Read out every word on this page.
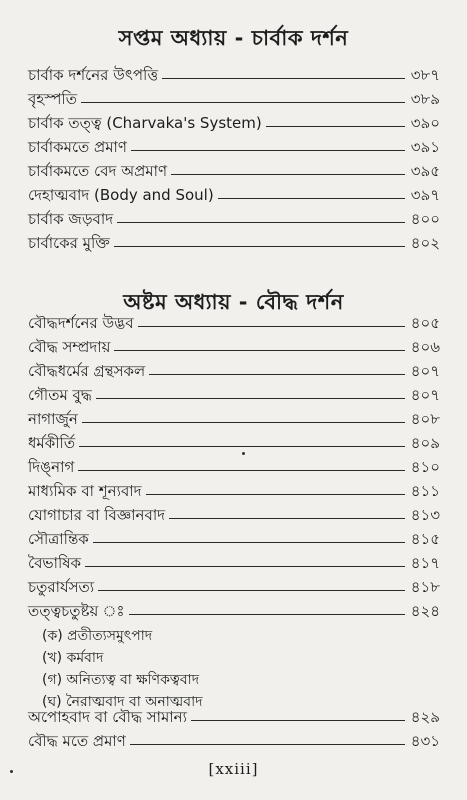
সপ্তম অধ্যায় - চার্বাক দর্শন
চার্বাক দর্শনের উৎপত্তি	৩৮৭
বৃহস্পতি	৩৮৯
চার্বাক তত্ত্ব (Charvaka's System)	৩৯০
চার্বাকমতে প্রমাণ	৩৯১
চার্বাকমতে বেদ অপ্রমাণ	৩৯৫
দেহাত্মবাদ (Body and Soul)	৩৯৭
চার্বাক জড়বাদ	৪০০
চার্বাকের মুক্তি	৪০২
অষ্টম অধ্যায় - বৌদ্ধ দর্শন
বৌদ্ধদর্শনের উদ্ভব	৪০৫
বৌদ্ধ সম্প্রদায়	৪০৬
বৌদ্ধধর্মের গ্রন্থসকল	৪০৭
গৌতম বুদ্ধ	৪০৭
নাগার্জুন	৪০৮
ধর্মকীর্তি	৪০৯
দিঙ্‌নাগ	৪১০
মাধ্যমিক বা শূন্যবাদ	৪১১
যোগাচার বা বিজ্ঞানবাদ	৪১৩
সৌত্রান্তিক	৪১৫
বৈভাষিক	৪১৭
চতুরার্যসত্য	৪১৮
তত্ত্বচতুষ্টয় ঃ	৪২৪
(ক) প্রতীত্যসমুৎপাদ
(খ) কর্মবাদ
(গ) অনিত্যত্ব বা ক্ষণিকত্ববাদ
(ঘ) নৈরাত্মবাদ বা অনাত্মবাদ
অপোহবাদ বা বৌদ্ধ সামান্য	৪২৯
বৌদ্ধ মতে প্রমাণ	৪৩১
[xxiii]
